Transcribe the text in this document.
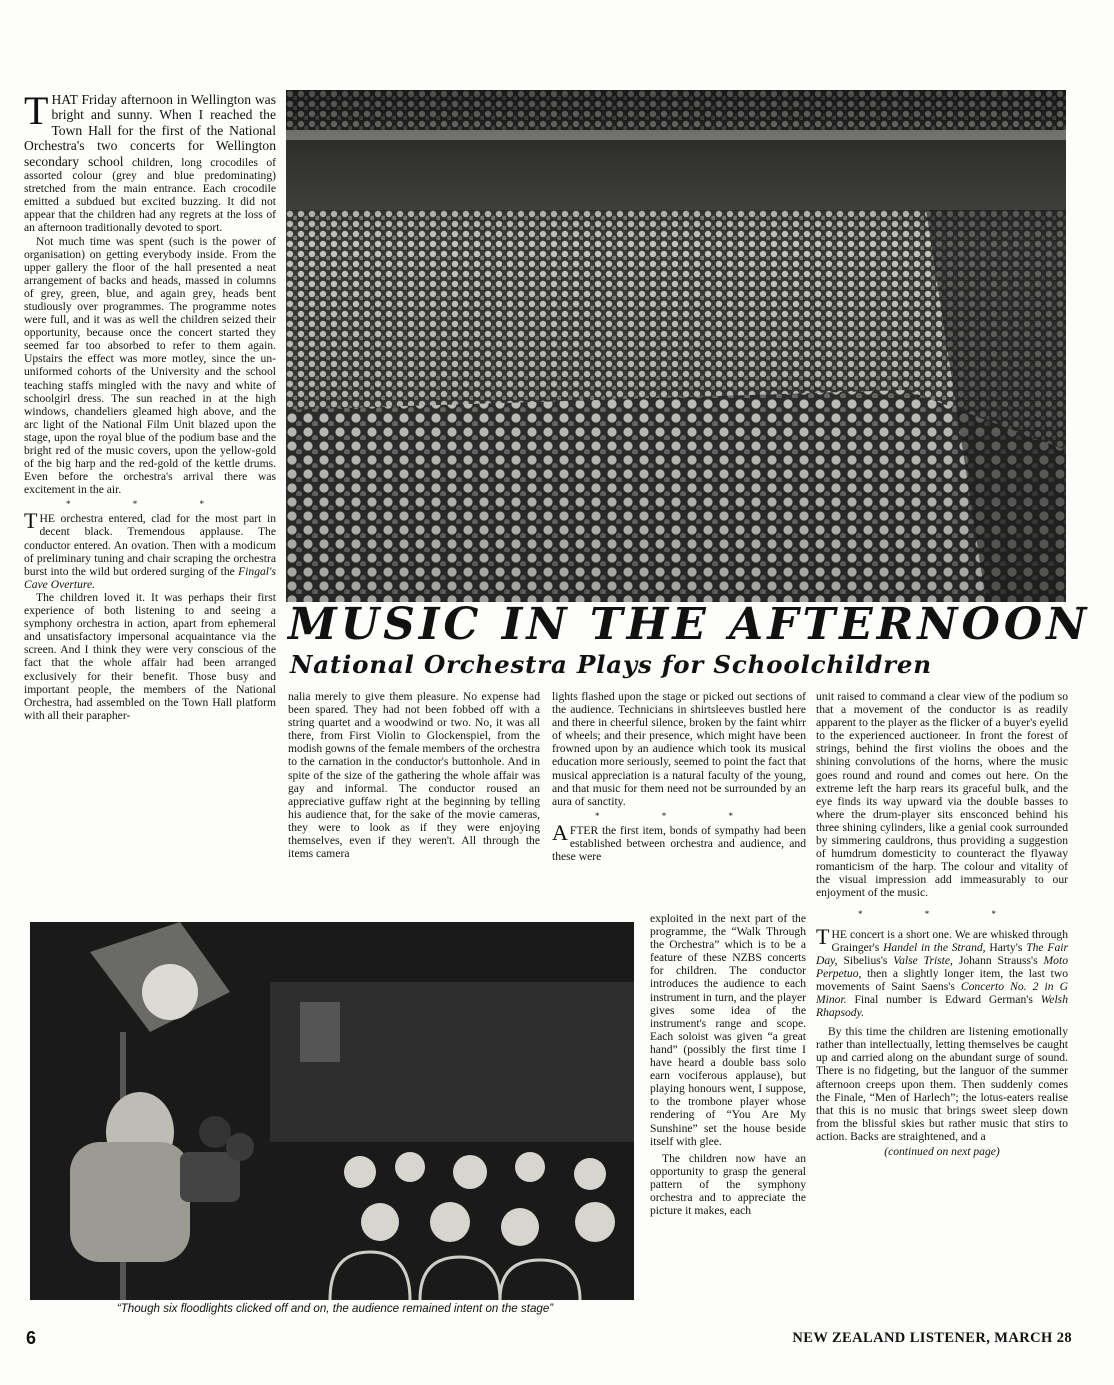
T HAT Friday afternoon in Wellington was bright and sunny. When I reached the Town Hall for the first of the National Orchestra's two concerts for Wellington secondary school children, long crocodiles of assorted colour (grey and blue predominating) stretched from the main entrance. Each crocodile emitted a subdued but excited buzzing. It did not appear that the children had any regrets at the loss of an afternoon traditionally devoted to sport.

Not much time was spent (such is the power of organisation) on getting everybody inside. From the upper gallery the floor of the hall presented a neat arrangement of backs and heads, massed in columns of grey, green, blue, and again grey, heads bent studiously over programmes. The programme notes were full, and it was as well the children seized their opportunity, because once the concert started they seemed far too absorbed to refer to them again. Upstairs the effect was more motley, since the un-uniformed cohorts of the University and the school teaching staffs mingled with the navy and white of schoolgirl dress. The sun reached in at the high windows, chandeliers gleamed high above, and the arc light of the National Film Unit blazed upon the stage, upon the royal blue of the podium base and the bright red of the music covers, upon the yellow-gold of the big harp and the red-gold of the kettle drums. Even before the orchestra's arrival there was excitement in the air.

* * *

THE orchestra entered, clad for the most part in decent black. Tremendous applause. The conductor entered. An ovation. Then with a modicum of preliminary tuning and chair scraping the orchestra burst into the wild but ordered surging of the Fingal's Cave Overture.

The children loved it. It was perhaps their first experience of both listening to and seeing a symphony orchestra in action, apart from ephemeral and unsatisfactory impersonal acquaintance via the screen. And I think they were very conscious of the fact that the whole affair had been arranged exclusively for their benefit. Those busy and important people, the members of the National Orchestra, had assembled on the Town Hall platform with all their parapher-

MUSIC IN THE AFTERNOON
National Orchestra Plays for Schoolchildren

nalia merely to give them pleasure. No expense had been spared. They had not been fobbed off with a string quartet and a woodwind or two. No, it was all there, from First Violin to Glockenspiel, from the modish gowns of the female members of the orchestra to the carnation in the conductor's buttonhole. And in spite of the size of the gathering the whole affair was gay and informal. The conductor roused an appreciative guffaw right at the beginning by telling his audience that, for the sake of the movie cameras, they were to look as if they were enjoying themselves, even if they weren't. All through the items camera

lights flashed upon the stage or picked out sections of the audience. Technicians in shirtsleeves bustled here and there in cheerful silence, broken by the faint whirr of wheels; and their presence, which might have been frowned upon by an audience which took its musical education more seriously, seemed to point the fact that musical appreciation is a natural faculty of the young, and that music for them need not be surrounded by an aura of sanctity.

* * *

AFTER the first item, bonds of sympathy had been established between orchestra and audience, and these were

exploited in the next part of the programme, the “Walk Through the Orchestra” which is to be a feature of these NZBS concerts for children. The conductor introduces the audience to each instrument in turn, and the player gives some idea of the instrument's range and scope. Each soloist was given “a great hand” (possibly the first time I have heard a double bass solo earn vociferous applause), but playing honours went, I suppose, to the trombone player whose rendering of “You Are My Sunshine” set the house beside itself with glee.

The children now have an opportunity to grasp the general pattern of the symphony orchestra and to appreciate the picture it makes, each

unit raised to command a clear view of the podium so that a movement of the conductor is as readily apparent to the player as the flicker of a buyer's eyelid to the experienced auctioneer. In front the forest of strings, behind the first violins the oboes and the shining convolutions of the horns, where the music goes round and round and comes out here. On the extreme left the harp rears its graceful bulk, and the eye finds its way upward via the double basses to where the drum-player sits ensconced behind his three shining cylinders, like a genial cook surrounded by simmering cauldrons, thus providing a suggestion of humdrum domesticity to counteract the flyaway romanticism of the harp. The colour and vitality of the visual impression add immeasurably to our enjoyment of the music.

* * *

THE concert is a short one. We are whisked through Grainger's Handel in the Strand, Harty's The Fair Day, Sibelius's Valse Triste, Johann Strauss's Moto Perpetuo, then a slightly longer item, the last two movements of Saint Saens's Concerto No. 2 in G Minor. Final number is Edward German's Welsh Rhapsody.

By this time the children are listening emotionally rather than intellectually, letting themselves be caught up and carried along on the abundant surge of sound. There is no fidgeting, but the languor of the summer afternoon creeps upon them. Then suddenly comes the Finale, “Men of Harlech”; the lotus-eaters realise that this is no music that brings sweet sleep down from the blissful skies but rather music that stirs to action. Backs are straightened, and a

(continued on next page)
“Though six floodlights clicked off and on, the audience remained intent on the stage”
6	NEW ZEALAND LISTENER, MARCH 28
